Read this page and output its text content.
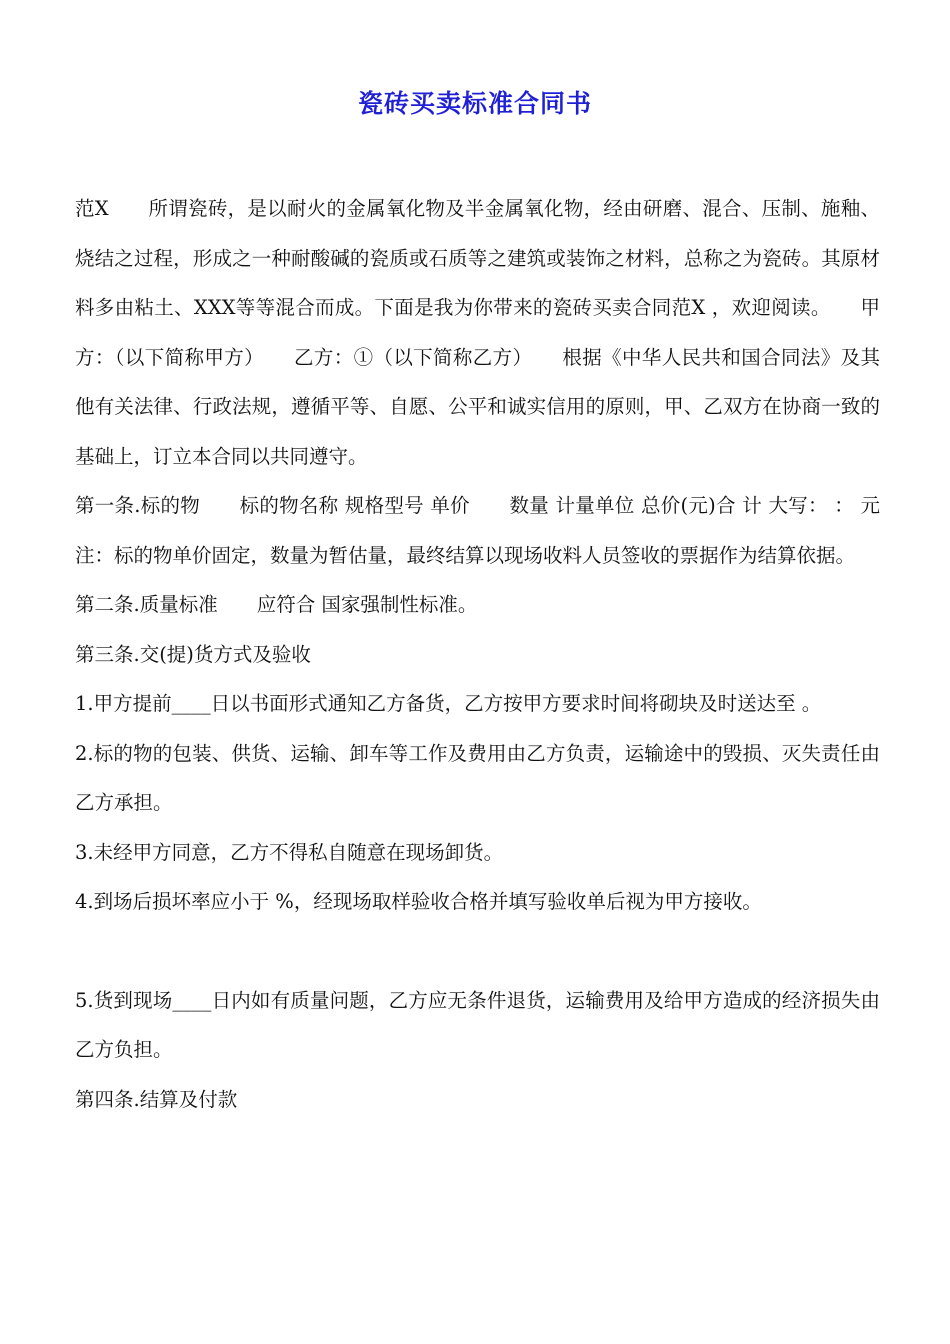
瓷砖买卖标准合同书

范X　　所谓瓷砖，是以耐火的金属氧化物及半金属氧化物，经由研磨、混合、压制、施釉、烧结之过程，形成之一种耐酸碱的瓷质或石质等之建筑或装饰之材料，总称之为瓷砖。其原材料多由粘土、XXX等等混合而成。下面是我为你带来的瓷砖买卖合同范X ，欢迎阅读。　　甲方：（以下简称甲方）　　乙方：①（以下简称乙方）　　根据《中华人民共和国合同法》及其他有关法律、行政法规，遵循平等、自愿、公平和诚实信用的原则，甲、乙双方在协商一致的基础上，订立本合同以共同遵守。

第一条.标的物　　标的物名称 规格型号 单价　　数量 计量单位 总价(元)合 计 大写： ： 元　　注：标的物单价固定，数量为暂估量，最终结算以现场收料人员签收的票据作为结算依据。

第二条.质量标准　　应符合 国家强制性标准。

第三条.交(提)货方式及验收

1.甲方提前____日以书面形式通知乙方备货，乙方按甲方要求时间将砌块及时送达至 。

2.标的物的包装、供货、运输、卸车等工作及费用由乙方负责，运输途中的毁损、灭失责任由乙方承担。

3.未经甲方同意，乙方不得私自随意在现场卸货。

4.到场后损坏率应小于 %，经现场取样验收合格并填写验收单后视为甲方接收。

5.货到现场____日内如有质量问题，乙方应无条件退货，运输费用及给甲方造成的经济损失由乙方负担。

第四条.结算及付款
